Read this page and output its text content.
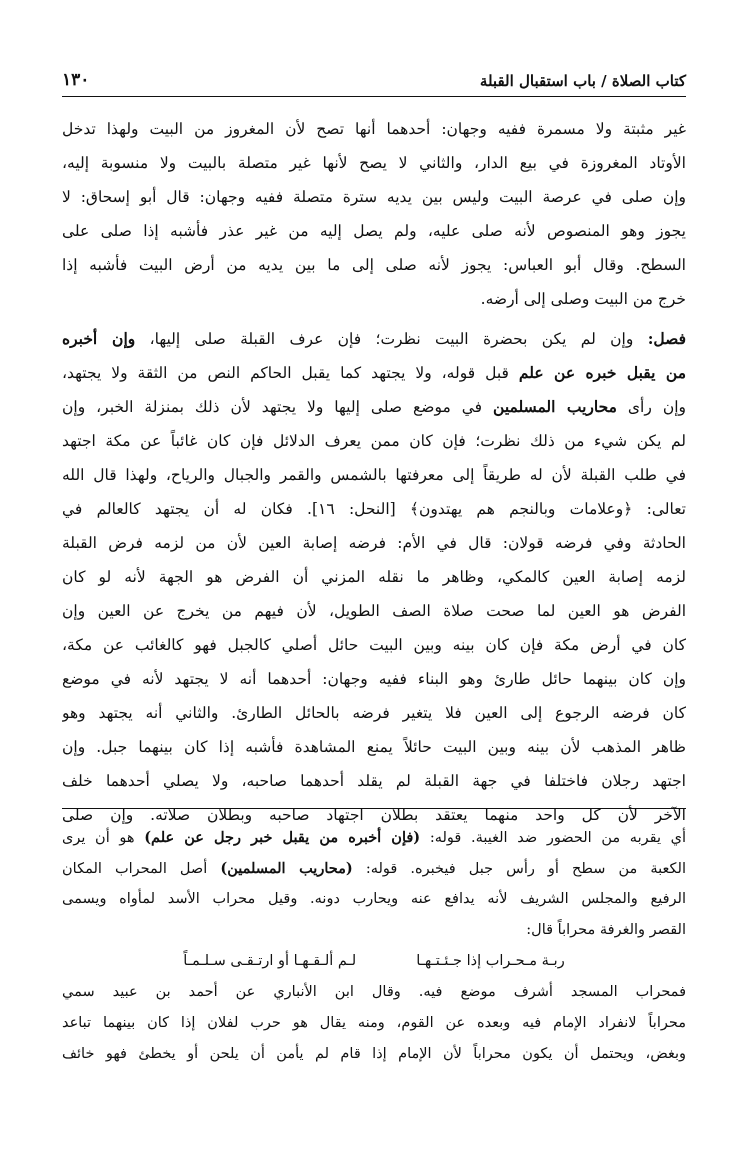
كتاب الصلاة / باب استقبال القبلة
١٣٠
غير مثبتة ولا مسمرة ففيه وجهان: أحدهما أنها تصح لأن المغروز من البيت ولهذا تدخل
الأوتاد المغروزة في بيع الدار، والثاني لا يصح لأنها غير متصلة بالبيت ولا منسوبة إليه،
وإن صلى في عرصة البيت وليس بين يديه سترة متصلة ففيه وجهان: قال أبو إسحاق: لا
يجوز وهو المنصوص لأنه صلى عليه، ولم يصل إليه من غير عذر فأشبه إذا صلى على
السطح. وقال أبو العباس: يجوز لأنه صلى إلى ما بين يديه من أرض البيت فأشبه إذا
خرج من البيت وصلى إلى أرضه.
فصل: وإن لم يكن بحضرة البيت نظرت؛ فإن عرف القبلة صلى إليها، وإن أخبره
من يقبل خبره عن علم قبل قوله، ولا يجتهد كما يقبل الحاكم النص من الثقة ولا يجتهد،
وإن رأى محاريب المسلمين في موضع صلى إليها ولا يجتهد لأن ذلك بمنزلة الخبر، وإن
لم يكن شيء من ذلك نظرت؛ فإن كان ممن يعرف الدلائل فإن كان غائباً عن مكة اجتهد
في طلب القبلة لأن له طريقاً إلى معرفتها بالشمس والقمر والجبال والرياح، ولهذا قال الله
تعالى: ﴿وعلامات وبالنجم هم يهتدون﴾ [النحل: ١٦]. فكان له أن يجتهد كالعالم في
الحادثة وفي فرضه قولان: قال في الأم: فرضه إصابة العين لأن من لزمه فرض القبلة
لزمه إصابة العين كالمكي، وظاهر ما نقله المزني أن الفرض هو الجهة لأنه لو كان
الفرض هو العين لما صحت صلاة الصف الطويل، لأن فيهم من يخرج عن العين وإن
كان في أرض مكة فإن كان بينه وبين البيت حائل أصلي كالجبل فهو كالغائب عن مكة،
وإن كان بينهما حائل طارئ وهو البناء ففيه وجهان: أحدهما أنه لا يجتهد لأنه في موضع
كان فرضه الرجوع إلى العين فلا يتغير فرضه بالحائل الطارئ. والثاني أنه يجتهد وهو
ظاهر المذهب لأن بينه وبين البيت حائلاً يمنع المشاهدة فأشبه إذا كان بينهما جبل. وإن
اجتهد رجلان فاختلفا في جهة القبلة لم يقلد أحدهما صاحبه، ولا يصلي أحدهما خلف
الآخر لأن كل واحد منهما يعتقد بطلان اجتهاد صاحبه وبطلان صلاته. وإن صلى
أي يقربه من الحضور ضد الغيبة. قوله: (فإن أخبره من يقبل خبر رجل عن علم) هو أن يرى
الكعبة من سطح أو رأس جبل فيخبره. قوله: (محاريب المسلمين) أصل المحراب المكان
الرفيع والمجلس الشريف لأنه يدافع عنه ويحارب دونه. وقيل محراب الأسد لمأواه ويسمى
القصر والغرفة محراباً قال:
ربـة مـحـراب إذا جـئـتـهـا
لـم ألـقـهـا أو ارتـقـى سـلـمـاً
فمحراب المسجد أشرف موضع فيه. وقال ابن الأنباري عن أحمد بن عبيد سمي
محراباً لانفراد الإمام فيه وبعده عن القوم، ومنه يقال هو حرب لفلان إذا كان بينهما تباعد
وبغض، ويحتمل أن يكون محراباً لأن الإمام إذا قام لم يأمن أن يلحن أو يخطئ فهو خائف
